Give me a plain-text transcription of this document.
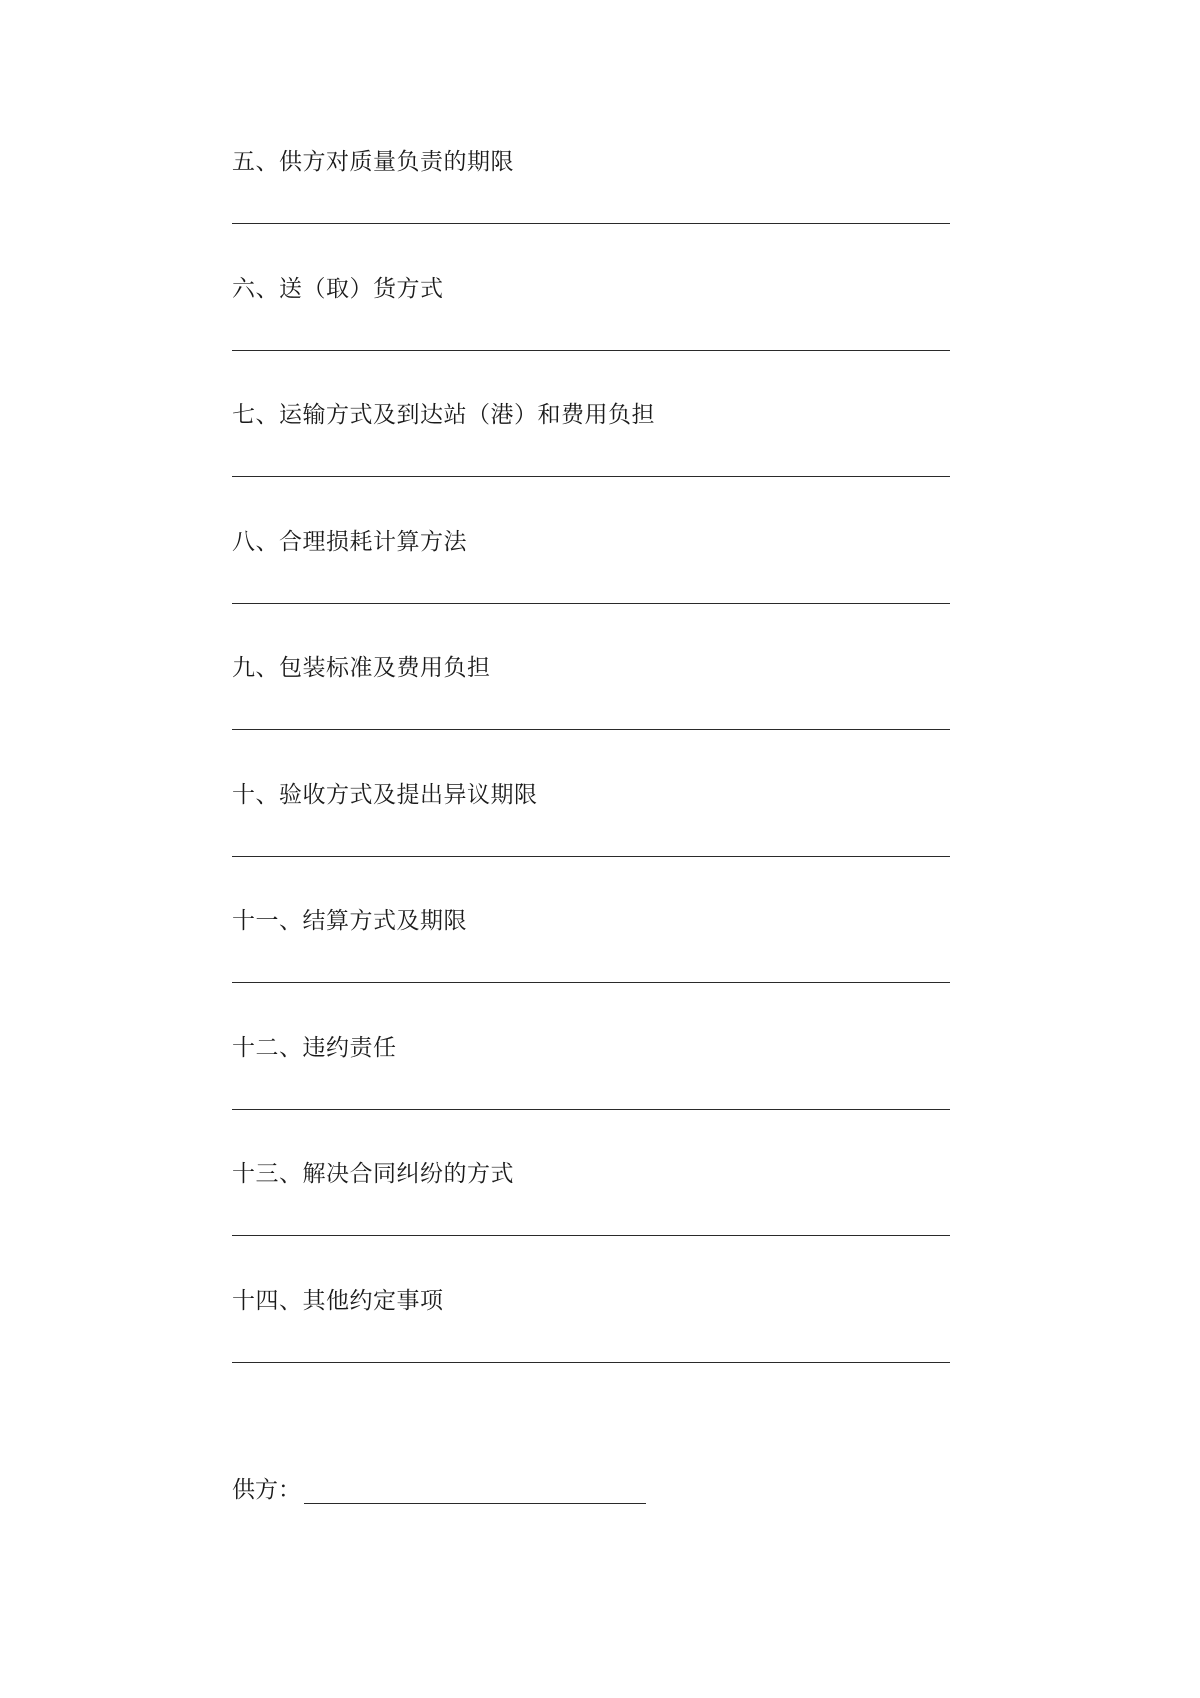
五、供方对质量负责的期限
六、送（取）货方式
七、运输方式及到达站（港）和费用负担
八、合理损耗计算方法
九、包装标准及费用负担
十、验收方式及提出异议期限
十一、结算方式及期限
十二、违约责任
十三、解决合同纠纷的方式
十四、其他约定事项
供方：
